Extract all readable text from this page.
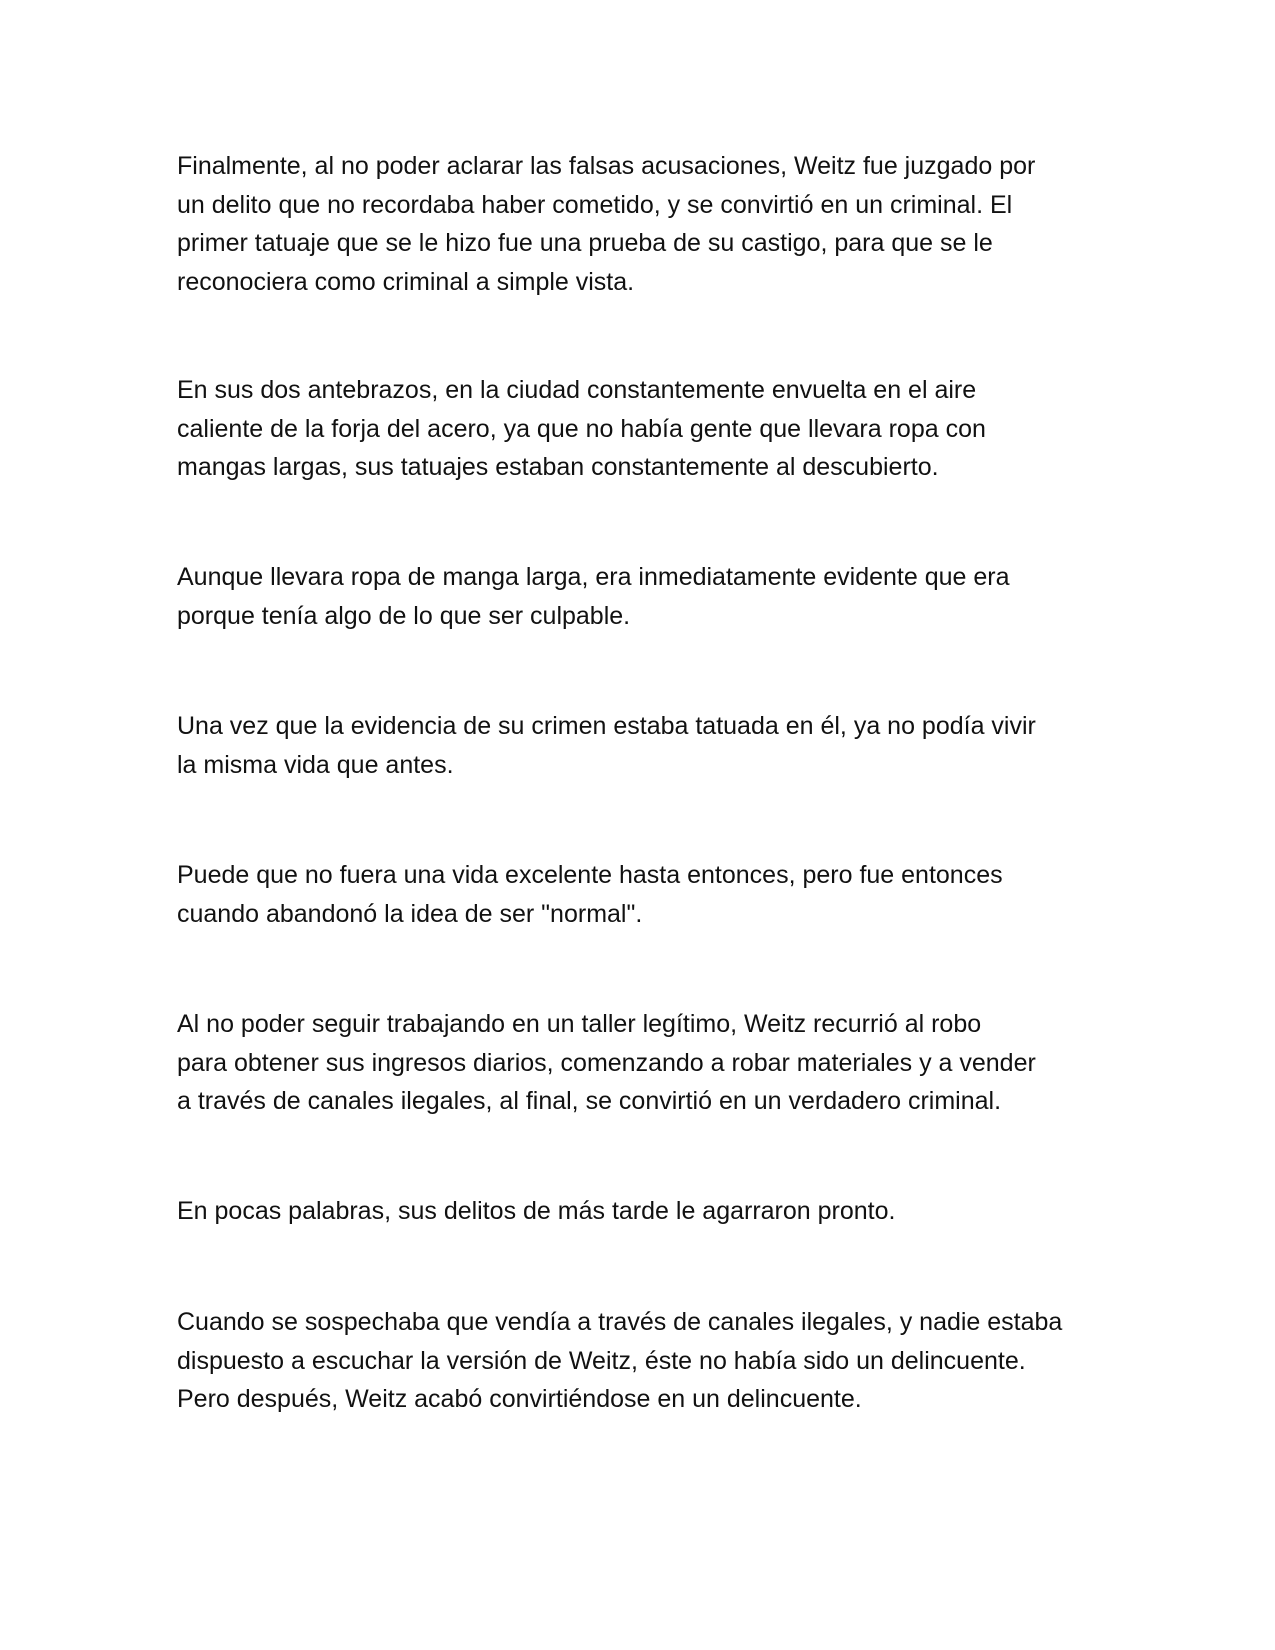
Finalmente, al no poder aclarar las falsas acusaciones, Weitz fue juzgado por
un delito que no recordaba haber cometido, y se convirtió en un criminal. El
primer tatuaje que se le hizo fue una prueba de su castigo, para que se le
reconociera como criminal a simple vista.

En sus dos antebrazos, en la ciudad constantemente envuelta en el aire
caliente de la forja del acero, ya que no había gente que llevara ropa con
mangas largas, sus tatuajes estaban constantemente al descubierto.

Aunque llevara ropa de manga larga, era inmediatamente evidente que era
porque tenía algo de lo que ser culpable.

Una vez que la evidencia de su crimen estaba tatuada en él, ya no podía vivir
la misma vida que antes.

Puede que no fuera una vida excelente hasta entonces, pero fue entonces
cuando abandonó la idea de ser "normal".

Al no poder seguir trabajando en un taller legítimo, Weitz recurrió al robo
para obtener sus ingresos diarios, comenzando a robar materiales y a vender
a través de canales ilegales, al final, se convirtió en un verdadero criminal.

En pocas palabras, sus delitos de más tarde le agarraron pronto.

Cuando se sospechaba que vendía a través de canales ilegales, y nadie estaba
dispuesto a escuchar la versión de Weitz, éste no había sido un delincuente.
Pero después, Weitz acabó convirtiéndose en un delincuente.
